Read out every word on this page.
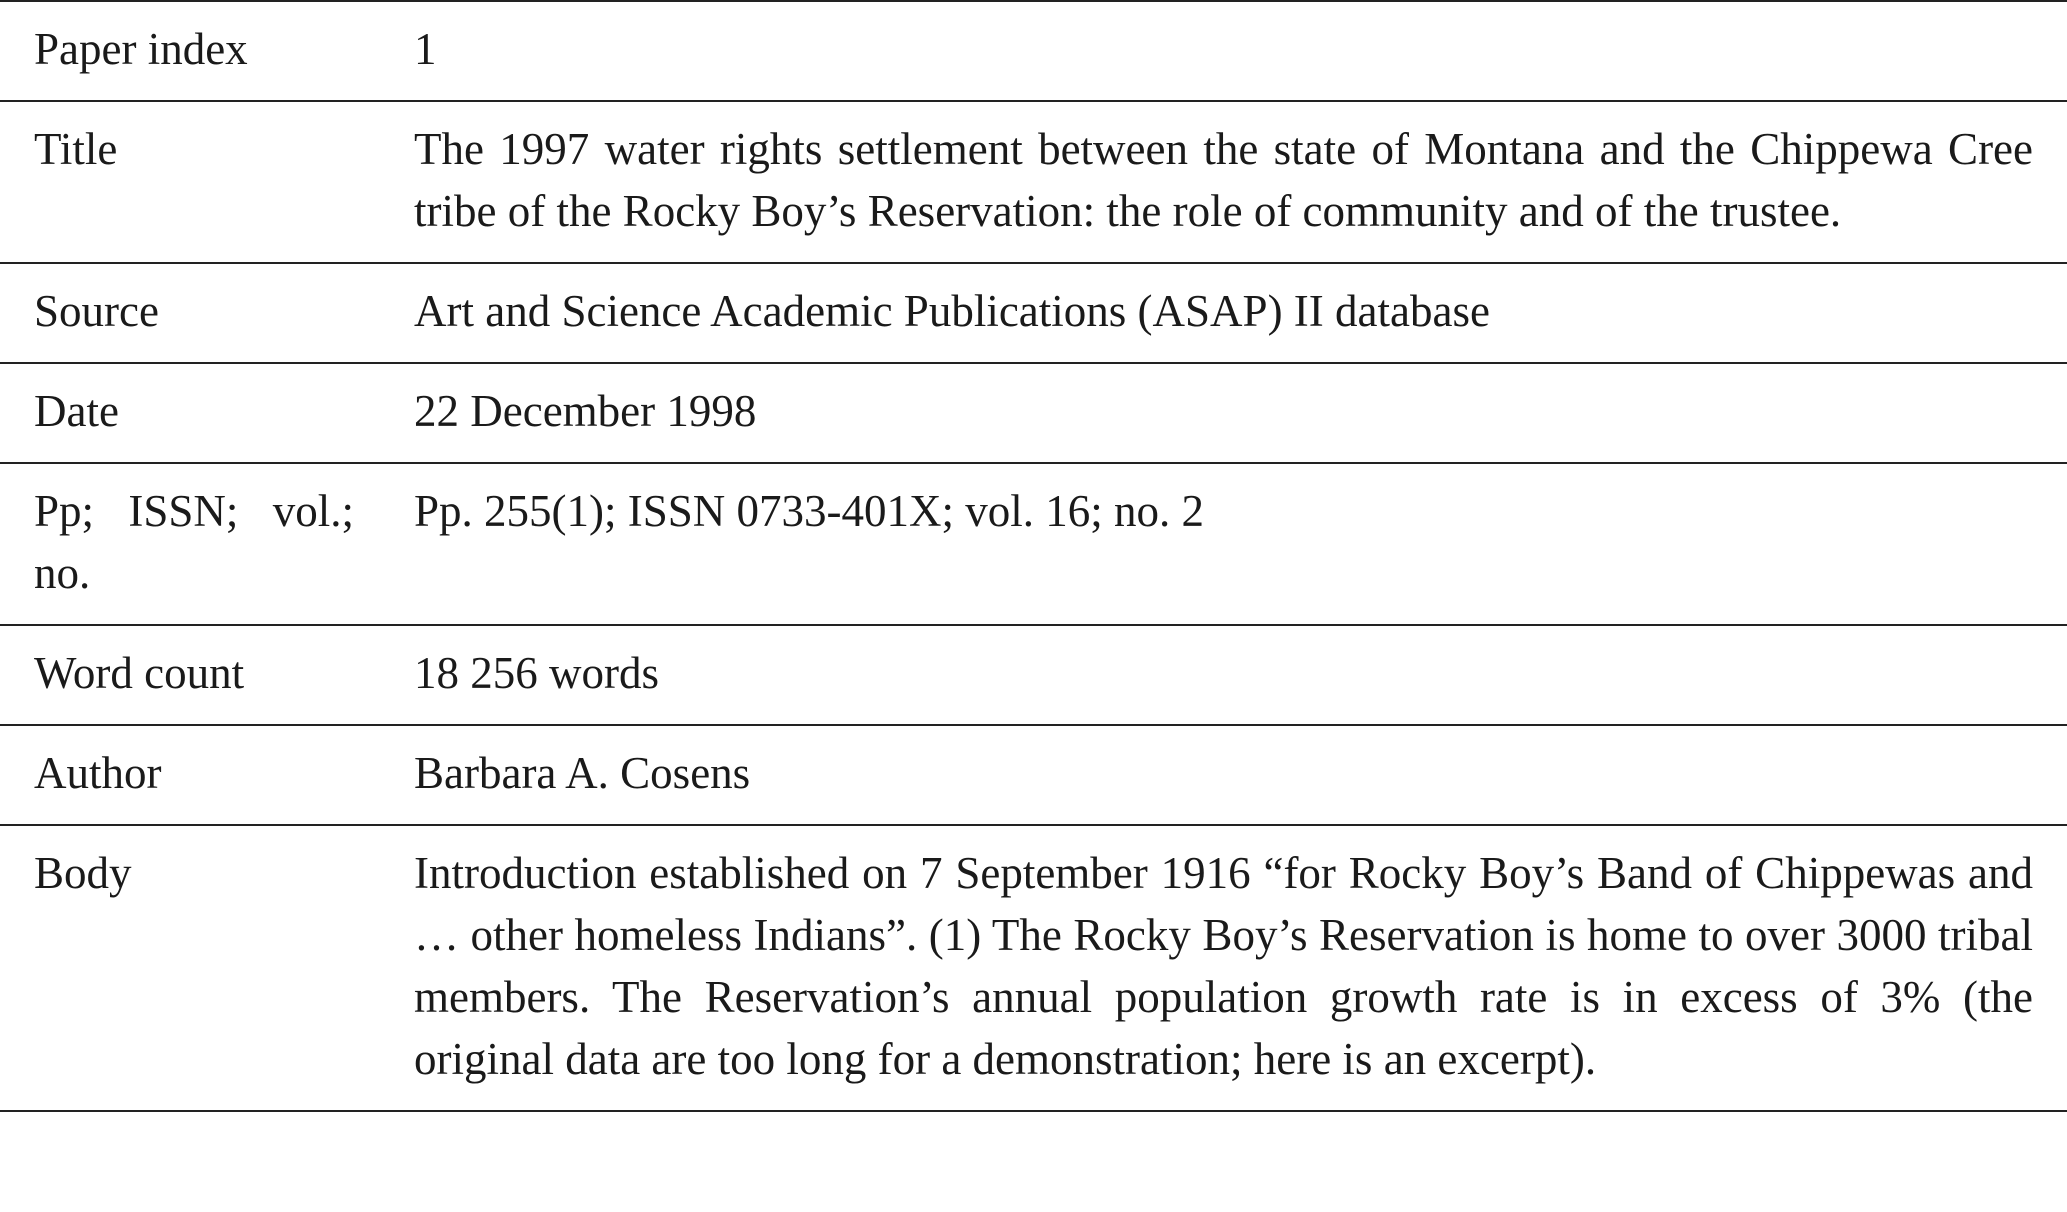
Paper index	1
Title	The 1997 water rights settlement between the state of Montana and the Chippewa Cree tribe of the Rocky Boy’s Reservation: the role of community and of the trustee.
Source	Art and Science Academic Publications (ASAP) II database
Date	22 December 1998
Pp; ISSN; vol.; no.	Pp. 255(1); ISSN 0733-401X; vol. 16; no. 2
Word count	18 256 words
Author	Barbara A. Cosens
Body	Introduction established on 7 September 1916 “for Rocky Boy’s Band of Chippewas and … other homeless Indians”. (1) The Rocky Boy’s Reservation is home to over 3000 tribal members. The Reservation’s annual population growth rate is in excess of 3% (the original data are too long for a demonstration; here is an excerpt).
